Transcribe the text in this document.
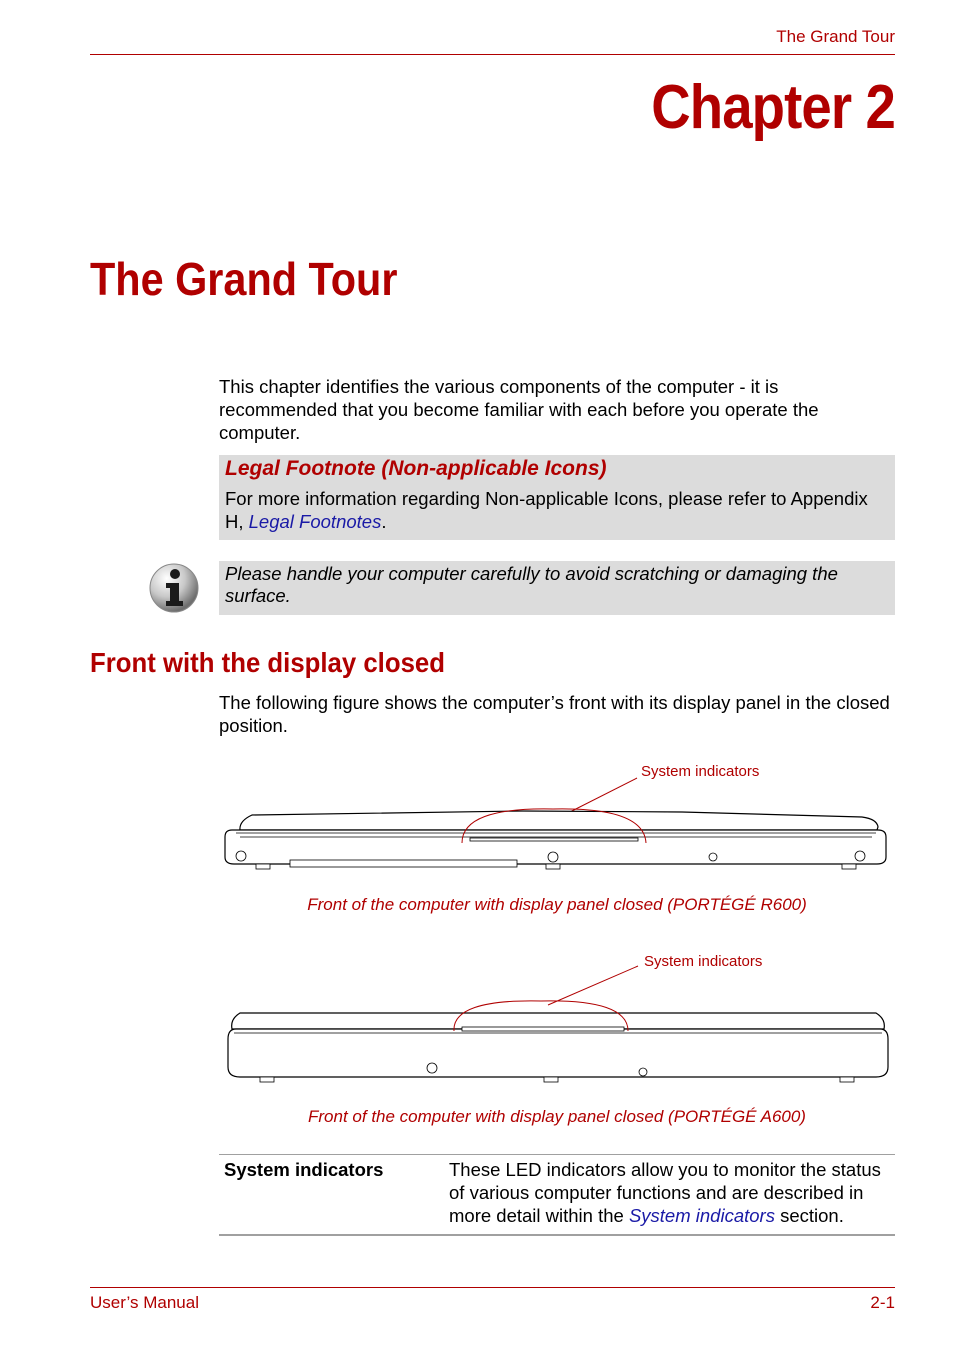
The Grand Tour
Chapter 2
The Grand Tour
This chapter identifies the various components of the computer - it is recommended that you become familiar with each before you operate the computer.
Legal Footnote (Non-applicable Icons)
For more information regarding Non-applicable Icons, please refer to Appendix H, Legal Footnotes.
Please handle your computer carefully to avoid scratching or damaging the surface.
Front with the display closed
The following figure shows the computer’s front with its display panel in the closed position.
System indicators
Front of the computer with display panel closed (PORTÉGÉ R600)
System indicators
Front of the computer with display panel closed (PORTÉGÉ A600)
System indicators	These LED indicators allow you to monitor the status of various computer functions and are described in more detail within the System indicators section.
User’s Manual	2-1
